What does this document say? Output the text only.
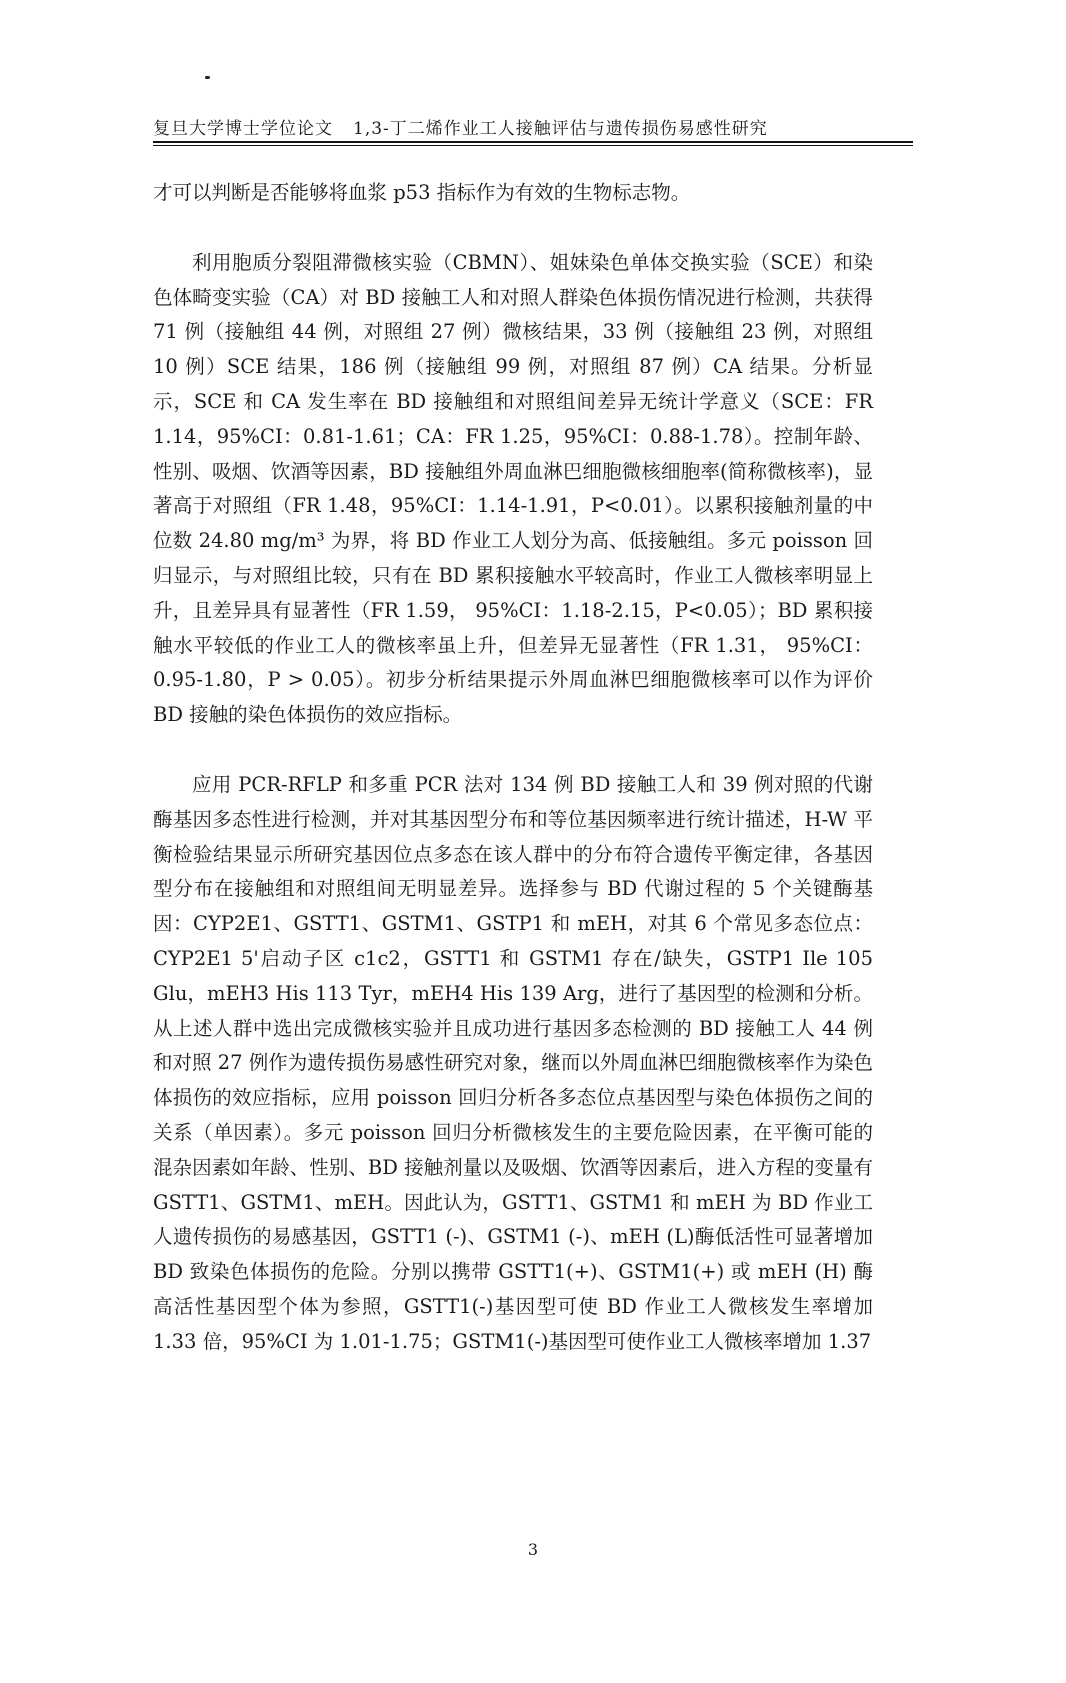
复旦大学博士学位论文 1,3-丁二烯作业工人接触评估与遗传损伤易感性研究

才可以判断是否能够将血浆 p53 指标作为有效的生物标志物。

利用胞质分裂阻滞微核实验（CBMN）、姐妹染色单体交换实验（SCE）和染色体畸变实验（CA）对 BD 接触工人和对照人群染色体损伤情况进行检测，共获得 71 例（接触组 44 例，对照组 27 例）微核结果，33 例（接触组 23 例，对照组 10 例）SCE 结果，186 例（接触组 99 例，对照组 87 例）CA 结果。分析显示，SCE 和 CA 发生率在 BD 接触组和对照组间差异无统计学意义（SCE：FR 1.14，95%CI：0.81-1.61；CA：FR 1.25，95%CI：0.88-1.78）。控制年龄、性别、吸烟、饮酒等因素，BD 接触组外周血淋巴细胞微核细胞率(简称微核率)，显著高于对照组（FR 1.48，95%CI：1.14-1.91，P<0.01）。以累积接触剂量的中位数 24.80 mg/m³ 为界，将 BD 作业工人划分为高、低接触组。多元 poisson 回归显示，与对照组比较，只有在 BD 累积接触水平较高时，作业工人微核率明显上升，且差异具有显著性（FR 1.59， 95%CI：1.18-2.15，P<0.05）；BD 累积接触水平较低的作业工人的微核率虽上升，但差异无显著性（FR 1.31， 95%CI：0.95-1.80，P > 0.05）。初步分析结果提示外周血淋巴细胞微核率可以作为评价 BD 接触的染色体损伤的效应指标。

应用 PCR-RFLP 和多重 PCR 法对 134 例 BD 接触工人和 39 例对照的代谢酶基因多态性进行检测，并对其基因型分布和等位基因频率进行统计描述，H-W 平衡检验结果显示所研究基因位点多态在该人群中的分布符合遗传平衡定律，各基因型分布在接触组和对照组间无明显差异。选择参与 BD 代谢过程的 5 个关键酶基因：CYP2E1、GSTT1、GSTM1、GSTP1 和 mEH，对其 6 个常见多态位点：CYP2E1 5'启动子区 c1c2，GSTT1 和 GSTM1 存在/缺失，GSTP1 Ile 105 Glu，mEH3 His 113 Tyr，mEH4 His 139 Arg，进行了基因型的检测和分析。从上述人群中选出完成微核实验并且成功进行基因多态检测的 BD 接触工人 44 例和对照 27 例作为遗传损伤易感性研究对象，继而以外周血淋巴细胞微核率作为染色体损伤的效应指标，应用 poisson 回归分析各多态位点基因型与染色体损伤之间的关系（单因素）。多元 poisson 回归分析微核发生的主要危险因素，在平衡可能的混杂因素如年龄、性别、BD 接触剂量以及吸烟、饮酒等因素后，进入方程的变量有 GSTT1、GSTM1、mEH。因此认为，GSTT1、GSTM1 和 mEH 为 BD 作业工人遗传损伤的易感基因，GSTT1 (-)、GSTM1 (-)、mEH (L)酶低活性可显著增加 BD 致染色体损伤的危险。分别以携带 GSTT1(+)、GSTM1(+) 或 mEH (H) 酶高活性基因型个体为参照，GSTT1(-)基因型可使 BD 作业工人微核发生率增加 1.33 倍，95%CI 为 1.01-1.75；GSTM1(-)基因型可使作业工人微核率增加 1.37

3
